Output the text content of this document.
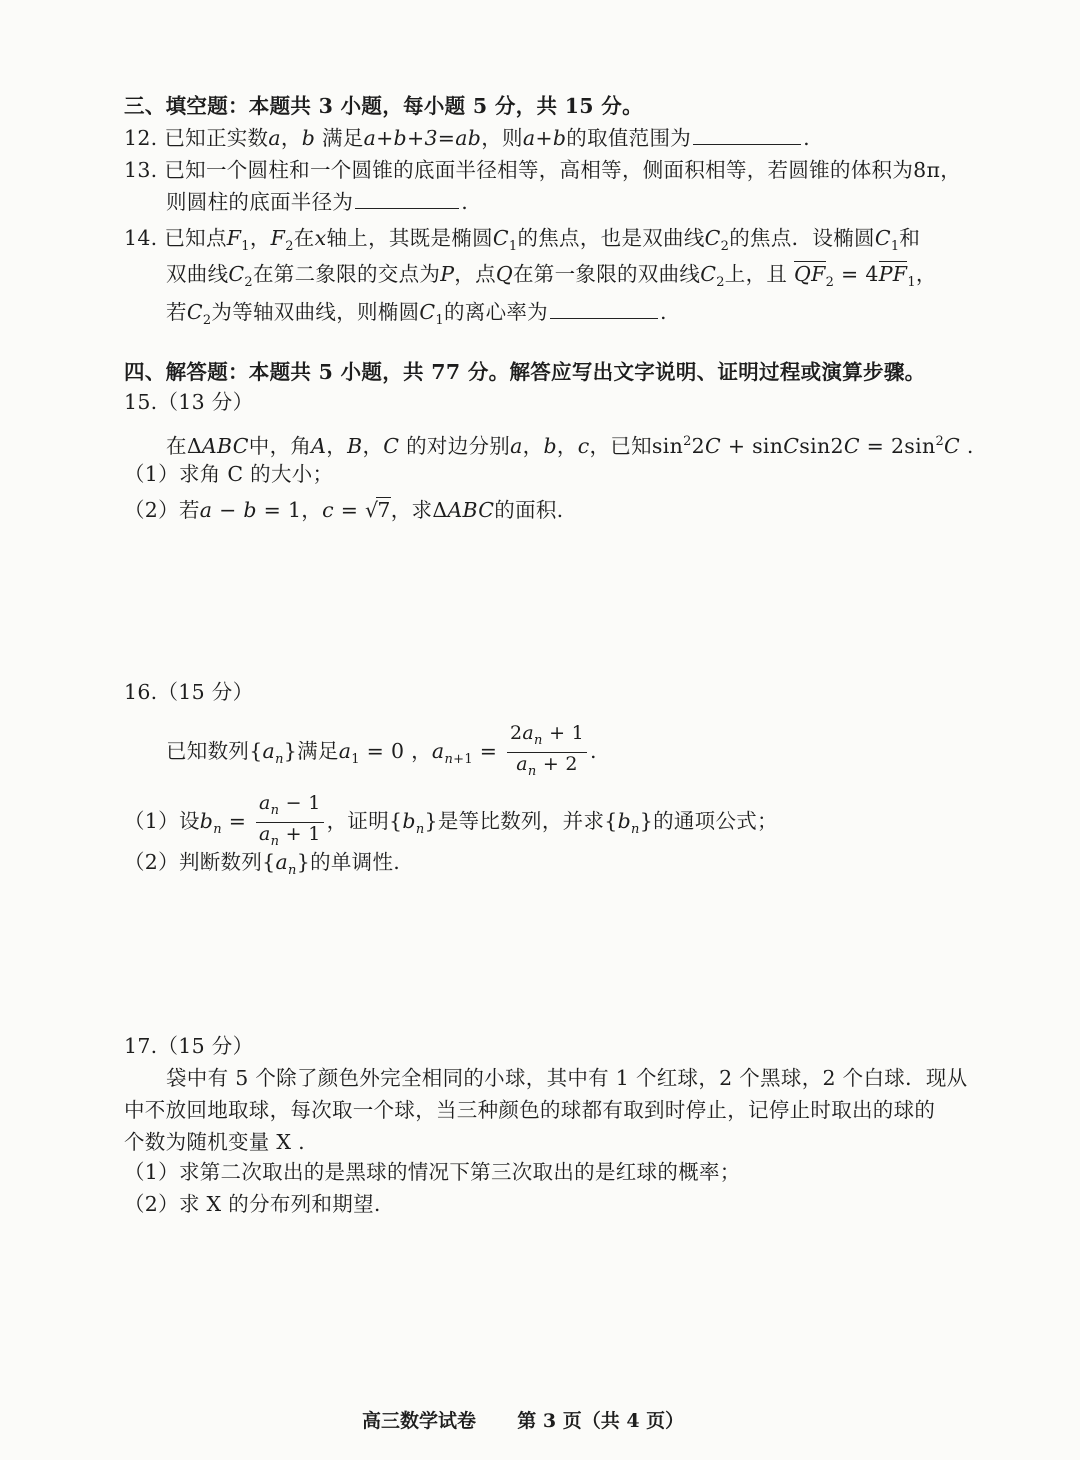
三、填空题：本题共 3 小题，每小题 5 分，共 15 分。
12. 已知正实数a，b 满足a+b+3=ab，则a+b的取值范围为	.
13. 已知一个圆柱和一个圆锥的底面半径相等，高相等，侧面积相等，若圆锥的体积为8π，
则圆柱的底面半径为	.
14. 已知点$F_1$，$F_2$在x轴上，其既是椭圆$C_1$的焦点，也是双曲线$C_2$的焦点．设椭圆$C_1$和
双曲线$C_2$在第二象限的交点为P，点Q在第一象限的双曲线$C_2$上，且 $QF_2 = 4PF_1$，
若$C_2$为等轴双曲线，则椭圆$C_1$的离心率为	.
四、解答题：本题共 5 小题，共 77 分。解答应写出文字说明、证明过程或演算步骤。
15.（13 分）
在ΔABC中，角A，B，C 的对边分别a，b，c，已知$\sin^22C$ + sinCsin2C = $2\sin^2C$ .
（1）求角 C 的大小；
（2）若a − b = 1，c = √7，求ΔABC的面积.
16.（15 分）
已知数列$\{a_n\}$满足$a_1 = 0$ ，$a_{n+1} = \frac{2a_n + 1}{a_n + 2}$ .
（1）设$b_n = \frac{a_n - 1}{a_n + 1}$ ，证明$\{b_n\}$是等比数列，并求$\{b_n\}$的通项公式；
（2）判断数列$\{a_n\}$的单调性.
17.（15 分）
袋中有 5 个除了颜色外完全相同的小球，其中有 1 个红球，2 个黑球，2 个白球．现从
中不放回地取球，每次取一个球，当三种颜色的球都有取到时停止，记停止时取出的球的
个数为随机变量 X .
（1）求第二次取出的是黑球的情况下第三次取出的是红球的概率；
（2）求 X 的分布列和期望.
高三数学试卷 第 3 页（共 4 页）
